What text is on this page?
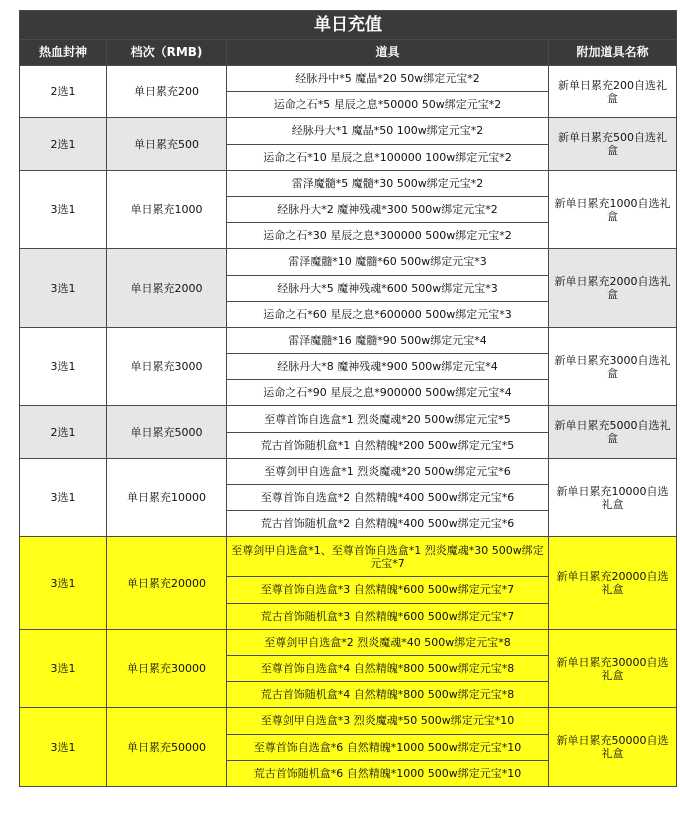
单日充值			
热血封神	档次（RMB)	道具	附加道具名称
2选1	单日累充200	经脉丹中*5 魔晶*20 50w绑定元宝*2	新单日累充200自选礼盒
		运命之石*5 星辰之息*50000 50w绑定元宝*2	
2选1	单日累充500	经脉丹大*1 魔晶*50 100w绑定元宝*2	新单日累充500自选礼盒
		运命之石*10 星辰之息*100000 100w绑定元宝*2	
3选1	单日累充1000	雷泽魔髓*5 魔髓*30 500w绑定元宝*2	新单日累充1000自选礼盒
		经脉丹大*2 魔神残魂*300 500w绑定元宝*2	
		运命之石*30 星辰之息*300000 500w绑定元宝*2	
3选1	单日累充2000	雷泽魔髓*10 魔髓*60 500w绑定元宝*3	新单日累充2000自选礼盒
		经脉丹大*5 魔神残魂*600 500w绑定元宝*3	
		运命之石*60 星辰之息*600000 500w绑定元宝*3	
3选1	单日累充3000	雷泽魔髓*16 魔髓*90 500w绑定元宝*4	新单日累充3000自选礼盒
		经脉丹大*8 魔神残魂*900 500w绑定元宝*4	
		运命之石*90 星辰之息*900000 500w绑定元宝*4	
2选1	单日累充5000	至尊首饰自选盒*1 烈炎魔魂*20 500w绑定元宝*5	新单日累充5000自选礼盒
		荒古首饰随机盒*1 自然精魄*200 500w绑定元宝*5	
3选1	单日累充10000	至尊剑甲自选盒*1 烈炎魔魂*20 500w绑定元宝*6	新单日累充10000自选礼盒
		至尊首饰自选盒*2 自然精魄*400 500w绑定元宝*6	
		荒古首饰随机盒*2 自然精魄*400 500w绑定元宝*6	
3选1	单日累充20000	至尊剑甲自选盒*1、至尊首饰自选盒*1 烈炎魔魂*30 500w绑定元宝*7	新单日累充20000自选礼盒
		至尊首饰自选盒*3 自然精魄*600 500w绑定元宝*7	
		荒古首饰随机盒*3 自然精魄*600 500w绑定元宝*7	
3选1	单日累充30000	至尊剑甲自选盒*2 烈炎魔魂*40 500w绑定元宝*8	新单日累充30000自选礼盒
		至尊首饰自选盒*4 自然精魄*800 500w绑定元宝*8	
		荒古首饰随机盒*4 自然精魄*800 500w绑定元宝*8	
3选1	单日累充50000	至尊剑甲自选盒*3 烈炎魔魂*50 500w绑定元宝*10	新单日累充50000自选礼盒
		至尊首饰自选盒*6 自然精魄*1000 500w绑定元宝*10	
		荒古首饰随机盒*6 自然精魄*1000 500w绑定元宝*10	
